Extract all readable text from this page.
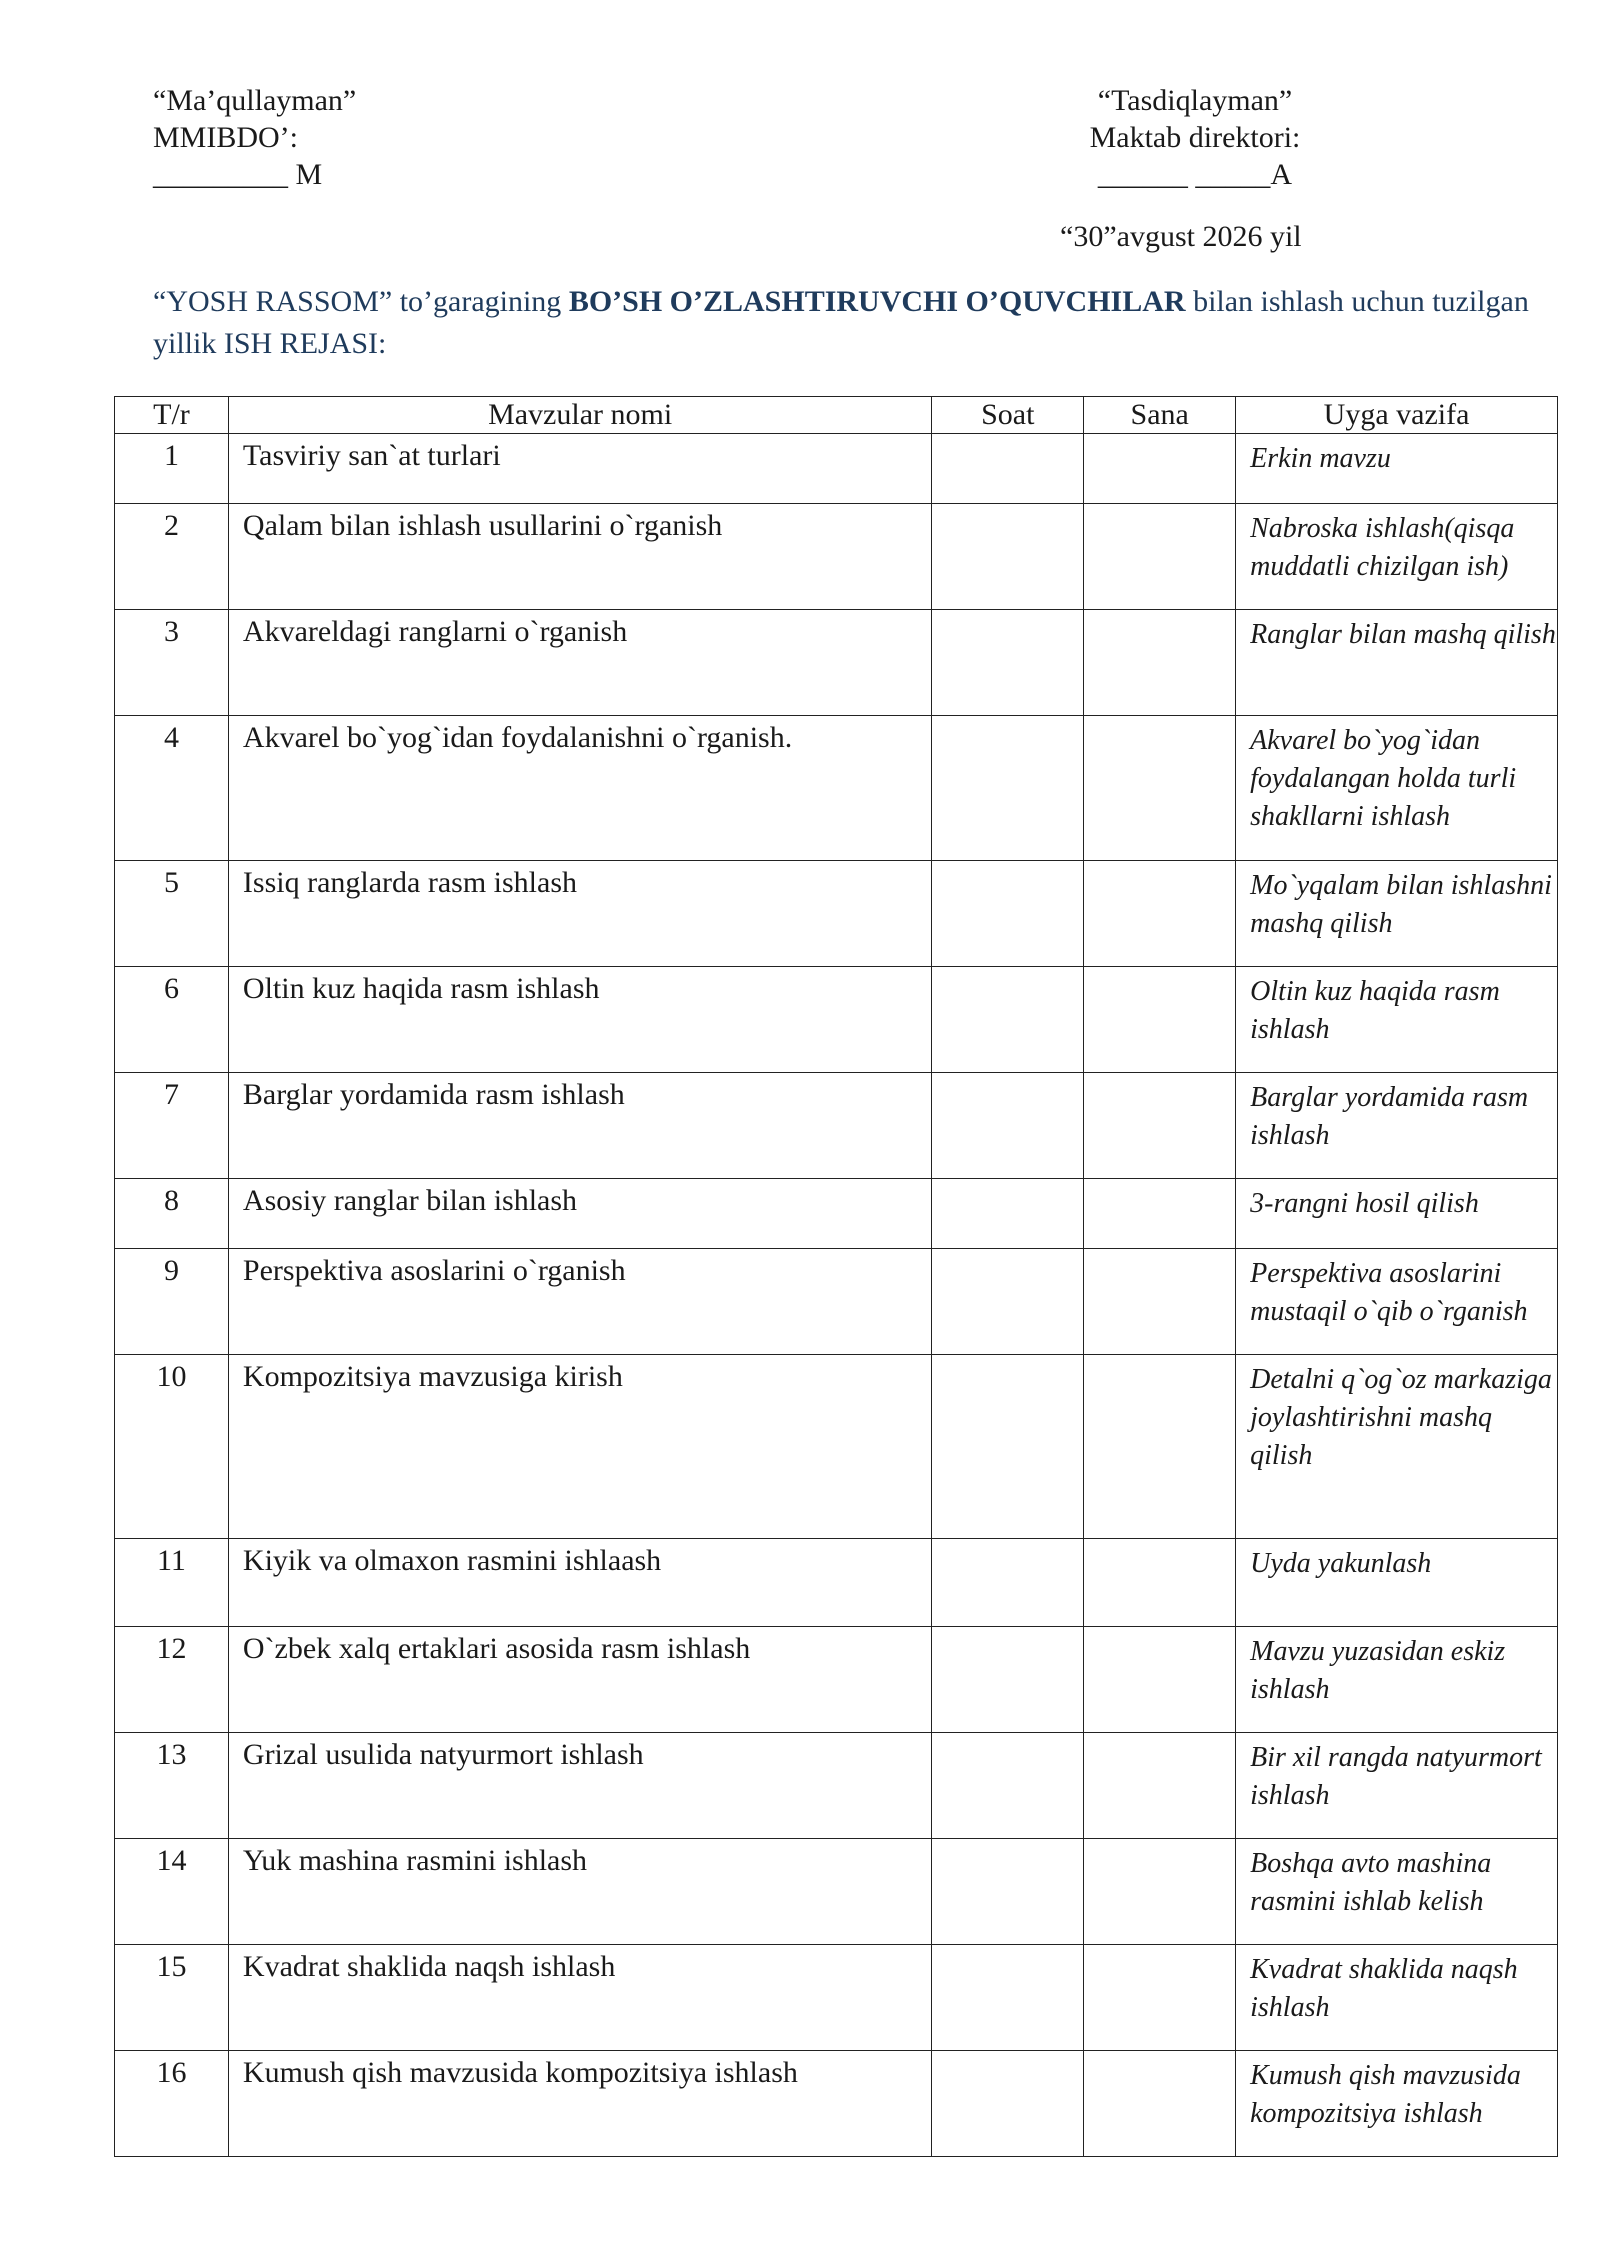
“Ma’qullayman”
MMIBDO’:
_________ M
“Tasdiqlayman”
Maktab direktori:
______ _____A
“30”avgust 2026 yil
“YOSH RASSOM” to’garagining BO’SH O’ZLASHTIRUVCHI O’QUVCHILAR bilan ishlash uchun tuzilgan yillik ISH REJASI:
T/r	Mavzular nomi	Soat	Sana	Uyga vazifa
1	Tasviriy san`at turlari			Erkin mavzu
2	Qalam bilan ishlash usullarini o`rganish			Nabroska ishlash(qisqa muddatli chizilgan ish)
3	Akvareldagi ranglarni o`rganish			Ranglar bilan mashq qilish
4	Akvarel bo`yog`idan foydalanishni o`rganish.			Akvarel bo`yog`idan foydalangan holda turli shakllarni ishlash
5	Issiq ranglarda rasm ishlash			Mo`yqalam bilan ishlashni mashq qilish
6	Oltin kuz haqida rasm ishlash			Oltin kuz haqida rasm ishlash
7	Barglar yordamida rasm ishlash			Barglar yordamida rasm ishlash
8	Asosiy ranglar bilan ishlash			3-rangni hosil qilish
9	Perspektiva asoslarini o`rganish			Perspektiva asoslarini mustaqil o`qib o`rganish
10	Kompozitsiya mavzusiga kirish			Detalni q`og`oz markaziga joylashtirishni mashq qilish
11	Kiyik va olmaxon rasmini ishlaash			Uyda yakunlash
12	O`zbek xalq ertaklari asosida rasm ishlash			Mavzu yuzasidan eskiz ishlash
13	Grizal usulida natyurmort ishlash			Bir xil rangda natyurmort ishlash
14	Yuk mashina rasmini ishlash			Boshqa avto mashina rasmini ishlab kelish
15	Kvadrat shaklida naqsh ishlash			Kvadrat shaklida naqsh ishlash
16	Kumush qish mavzusida kompozitsiya ishlash			Kumush qish mavzusida kompozitsiya ishlash
